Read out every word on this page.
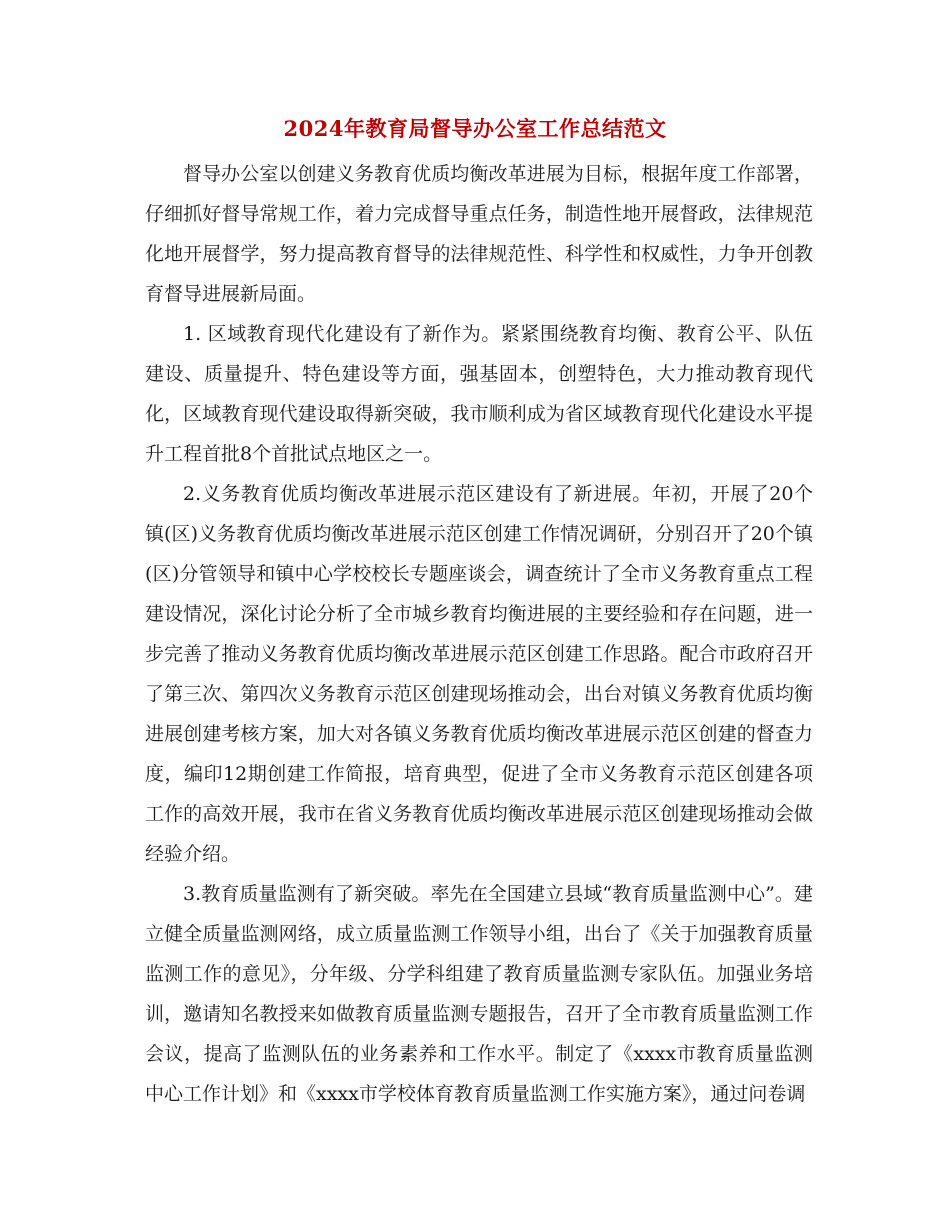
2024年教育局督导办公室工作总结范文

督导办公室以创建义务教育优质均衡改革进展为目标，根据年度工作部署，仔细抓好督导常规工作，着力完成督导重点任务，制造性地开展督政，法律规范化地开展督学，努力提高教育督导的法律规范性、科学性和权威性，力争开创教育督导进展新局面。

1. 区域教育现代化建设有了新作为。紧紧围绕教育均衡、教育公平、队伍建设、质量提升、特色建设等方面，强基固本，创塑特色，大力推动教育现代化，区域教育现代建设取得新突破，我市顺利成为省区域教育现代化建设水平提升工程首批8个首批试点地区之一。

2.义务教育优质均衡改革进展示范区建设有了新进展。年初，开展了20个镇(区)义务教育优质均衡改革进展示范区创建工作情况调研，分别召开了20个镇 (区)分管领导和镇中心学校校长专题座谈会，调查统计了全市义务教育重点工程建设情况，深化讨论分析了全市城乡教育均衡进展的主要经验和存在问题，进一步完善了推动义务教育优质均衡改革进展示范区创建工作思路。配合市政府召开了第三次、第四次义务教育示范区创建现场推动会，出台对镇义务教育优质均衡进展创建考核方案，加大对各镇义务教育优质均衡改革进展示范区创建的督查力度，编印12期创建工作简报，培育典型，促进了全市义务教育示范区创建各项工作的高效开展，我市在省义务教育优质均衡改革进展示范区创建现场推动会做经验介绍。

3.教育质量监测有了新突破。率先在全国建立县域“教育质量监测中心”。建立健全质量监测网络，成立质量监测工作领导小组，出台了《关于加强教育质量监测工作的意见》，分年级、分学科组建了教育质量监测专家队伍。加强业务培训，邀请知名教授来如做教育质量监测专题报告，召开了全市教育质量监测工作会议，提高了监测队伍的业务素养和工作水平。制定了《xxxx市教育质量监测中心工作计划》和《xxxx市学校体育教育质量监测工作实施方案》，通过问卷调
